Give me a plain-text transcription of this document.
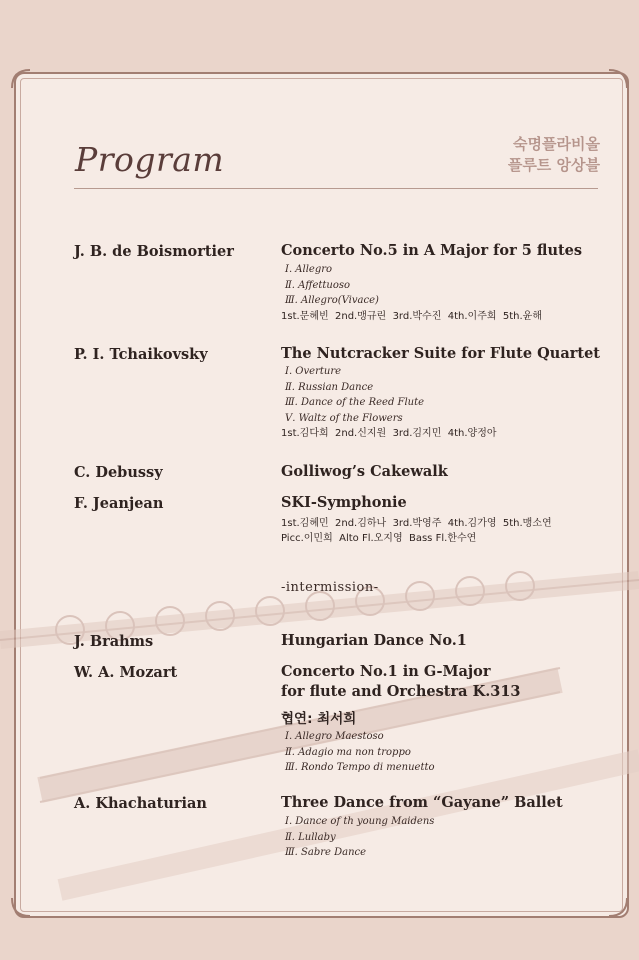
Program	숙명플라비올
플루트 앙상블
J. B. de Boismortier	Concerto No.5 in A Major for 5 flutes
Ⅰ. Allegro
Ⅱ. Affettuoso
Ⅲ. Allegro(Vivace)
1st.문혜빈  2nd.맹규린  3rd.박수진  4th.이주희  5th.윤해
P. I. Tchaikovsky	The Nutcracker Suite for Flute Quartet
Ⅰ. Overture
Ⅱ. Russian Dance
Ⅲ. Dance of the Reed Flute
Ⅴ. Waltz of the Flowers
1st.김다희  2nd.신지원  3rd.김지민  4th.양정아
C. Debussy	Golliwog’s Cakewalk
F. Jeanjean	SKI-Symphonie
1st.김혜민  2nd.김하나  3rd.박영주  4th.김가영  5th.맹소연
Picc.이민희  Alto Fl.오지영  Bass Fl.한수연
-intermission-
J. Brahms	Hungarian Dance No.1
W. A. Mozart	Concerto No.1 in G-Major
for flute and Orchestra K.313
협연: 최서희
Ⅰ. Allegro Maestoso
Ⅱ. Adagio ma non troppo
Ⅲ. Rondo Tempo di menuetto
A. Khachaturian	Three Dance from “Gayane” Ballet
Ⅰ. Dance of th young Maidens
Ⅱ. Lullaby
Ⅲ. Sabre Dance
